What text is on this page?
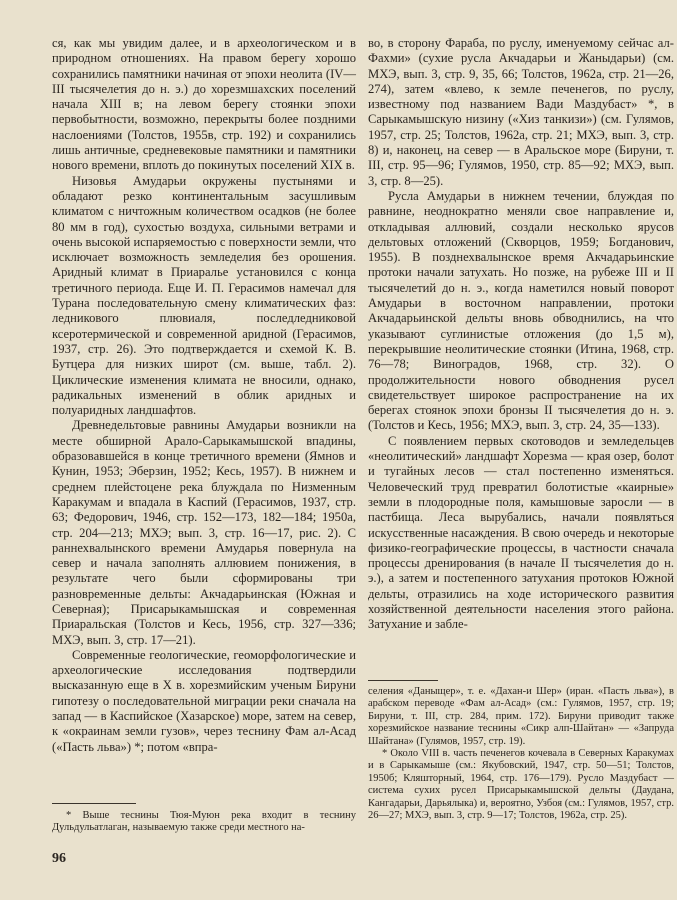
ся, как мы увидим далее, и в археологическом и в природном отношениях. На правом берегу хорошо сохранились памятники начиная от эпохи неолита (IV—III тысячелетия до н. э.) до хорезмшахских поселений начала XIII в; на левом берегу стоянки эпохи первобытности, возможно, перекрыты более поздними наслоениями (Толстов, 1955в, стр. 192) и сохранились лишь античные, средневековые памятники и памятники нового времени, вплоть до покинутых поселений XIX в.

Низовья Амударьи окружены пустынями и обладают резко континентальным засушливым климатом с ничтожным количеством осадков (не более 80 мм в год), сухостью воздуха, сильными ветрами и очень высокой испаряемостью с поверхности земли, что исключает возможность земледелия без орошения. Аридный климат в Приаралье установился с конца третичного периода. Еще И. П. Герасимов намечал для Турана последовательную смену климатических фаз: ледникового плювиаля, последледниковой ксеротермической и современной аридной (Герасимов, 1937, стр. 26). Это подтверждается и схемой К. В. Бутцера для низких широт (см. выше, табл. 2). Циклические изменения климата не вносили, однако, радикальных изменений в облик аридных и полуаридных ландшафтов.

Древнедельтовые равнины Амударьи возникли на месте обширной Арало-Сарыкамышской впадины, образовавшейся в конце третичного времени (Ямнов и Кунин, 1953; Эберзин, 1952; Кесь, 1957). В нижнем и среднем плейстоцене река блуждала по Низменным Каракумам и впадала в Каспий (Герасимов, 1937, стр. 63; Федорович, 1946, стр. 152—173, 182—184; 1950а, стр. 204—213; МХЭ; вып. 3, стр. 16—17, рис. 2). С раннехвалынского времени Амударья повернула на север и начала заполнять аллювием понижения, в результате чего были сформированы три разновременные дельты: Акчадарьинская (Южная и Северная); Присарыкамышская и современная Приаральская (Толстов и Кесь, 1956, стр. 327—336; МХЭ, вып. 3, стр. 17—21).

Современные геологические, геоморфологические и археологические исследования подтвердили высказанную еще в X в. хорезмийским ученым Бируни гипотезу о последовательной миграции реки сначала на запад — в Каспийское (Хазарское) море, затем на север, к «окраинам земли гузов», через теснину Фам ал-Асад («Пасть льва») *; потом «впра-

во, в сторону Фараба, по руслу, именуемому сейчас ал-Фахми» (сухие русла Акчадарьи и Жаныдарьи) (см. МХЭ, вып. 3, стр. 9, 35, 66; Толстов, 1962а, стр. 21—26, 274), затем «влево, к земле печенегов, по руслу, известному под названием Вади Маздубаст» *, в Сарыкамышскую низину («Хиз танкизи») (см. Гулямов, 1957, стр. 25; Толстов, 1962а, стр. 21; МХЭ, вып. 3, стр. 8) и, наконец, на север — в Аральское море (Бируни, т. III, стр. 95—96; Гулямов, 1950, стр. 85—92; МХЭ, вып. 3, стр. 8—25).

Русла Амударьи в нижнем течении, блуждая по равнине, неоднократно меняли свое направление и, откладывая аллювий, создали несколько ярусов дельтовых отложений (Скворцов, 1959; Богданович, 1955). В позднехвалынское время Акчадарьинские протоки начали затухать. Но позже, на рубеже III и II тысячелетий до н. э., когда наметился новый поворот Амударьи в восточном направлении, протоки Акчадарьинской дельты вновь обводнились, на что указывают суглинистые отложения (до 1,5 м), перекрывшие неолитические стоянки (Итина, 1968, стр. 76—78; Виноградов, 1968, стр. 32). О продолжительности нового обводнения русел свидетельствует широкое распространение на их берегах стоянок эпохи бронзы II тысячелетия до н. э. (Толстов и Кесь, 1956; МХЭ, вып. 3, стр. 24, 35—133).

С появлением первых скотоводов и земледельцев «неолитический» ландшафт Хорезма — края озер, болот и тугайных лесов — стал постепенно изменяться. Человеческий труд превратил болотистые «каирные» земли в плодородные поля, камышовые заросли — в пастбища. Леса вырубались, начали появляться искусственные насаждения. В свою очередь и некоторые физико-географические процессы, в частности сначала процессы дренирования (в начале II тысячелетия до н. э.), а затем и постепенного затухания протоков Южной дельты, отразились на ходе исторического развития хозяйственной деятельности населения этого района. Затухание и забле-

селения «Даныщер», т. е. «Дахан-и Шер» (иран. «Пасть льва»), в арабском переводе «Фам ал-Асад» (см.: Гулямов, 1957, стр. 19; Бируни, т. III, стр. 284, прим. 172). Бируни приводит также хорезмийское название теснины «Сикр алп-Шайтан» — «Запруда Шайтана» (Гулямов, 1957, стр. 19).

* Около VIII в. часть печенегов кочевала в Северных Каракумах и в Сарыкамыше (см.: Якубовский, 1947, стр. 50—51; Толстов, 1950б; Кляшторный, 1964, стр. 176—179). Русло Маздубаст — система сухих русел Присарыкамышской дельты (Даудана, Кангадарьи, Дарьялыка) и, вероятно, Узбоя (см.: Гулямов, 1957, стр. 26—27; МХЭ, вып. 3, стр. 9—17; Толстов, 1962а, стр. 25).

* Выше теснины Тюя-Муюн река входит в теснину Дульдульатлаган, называемую также среди местного на-

96
